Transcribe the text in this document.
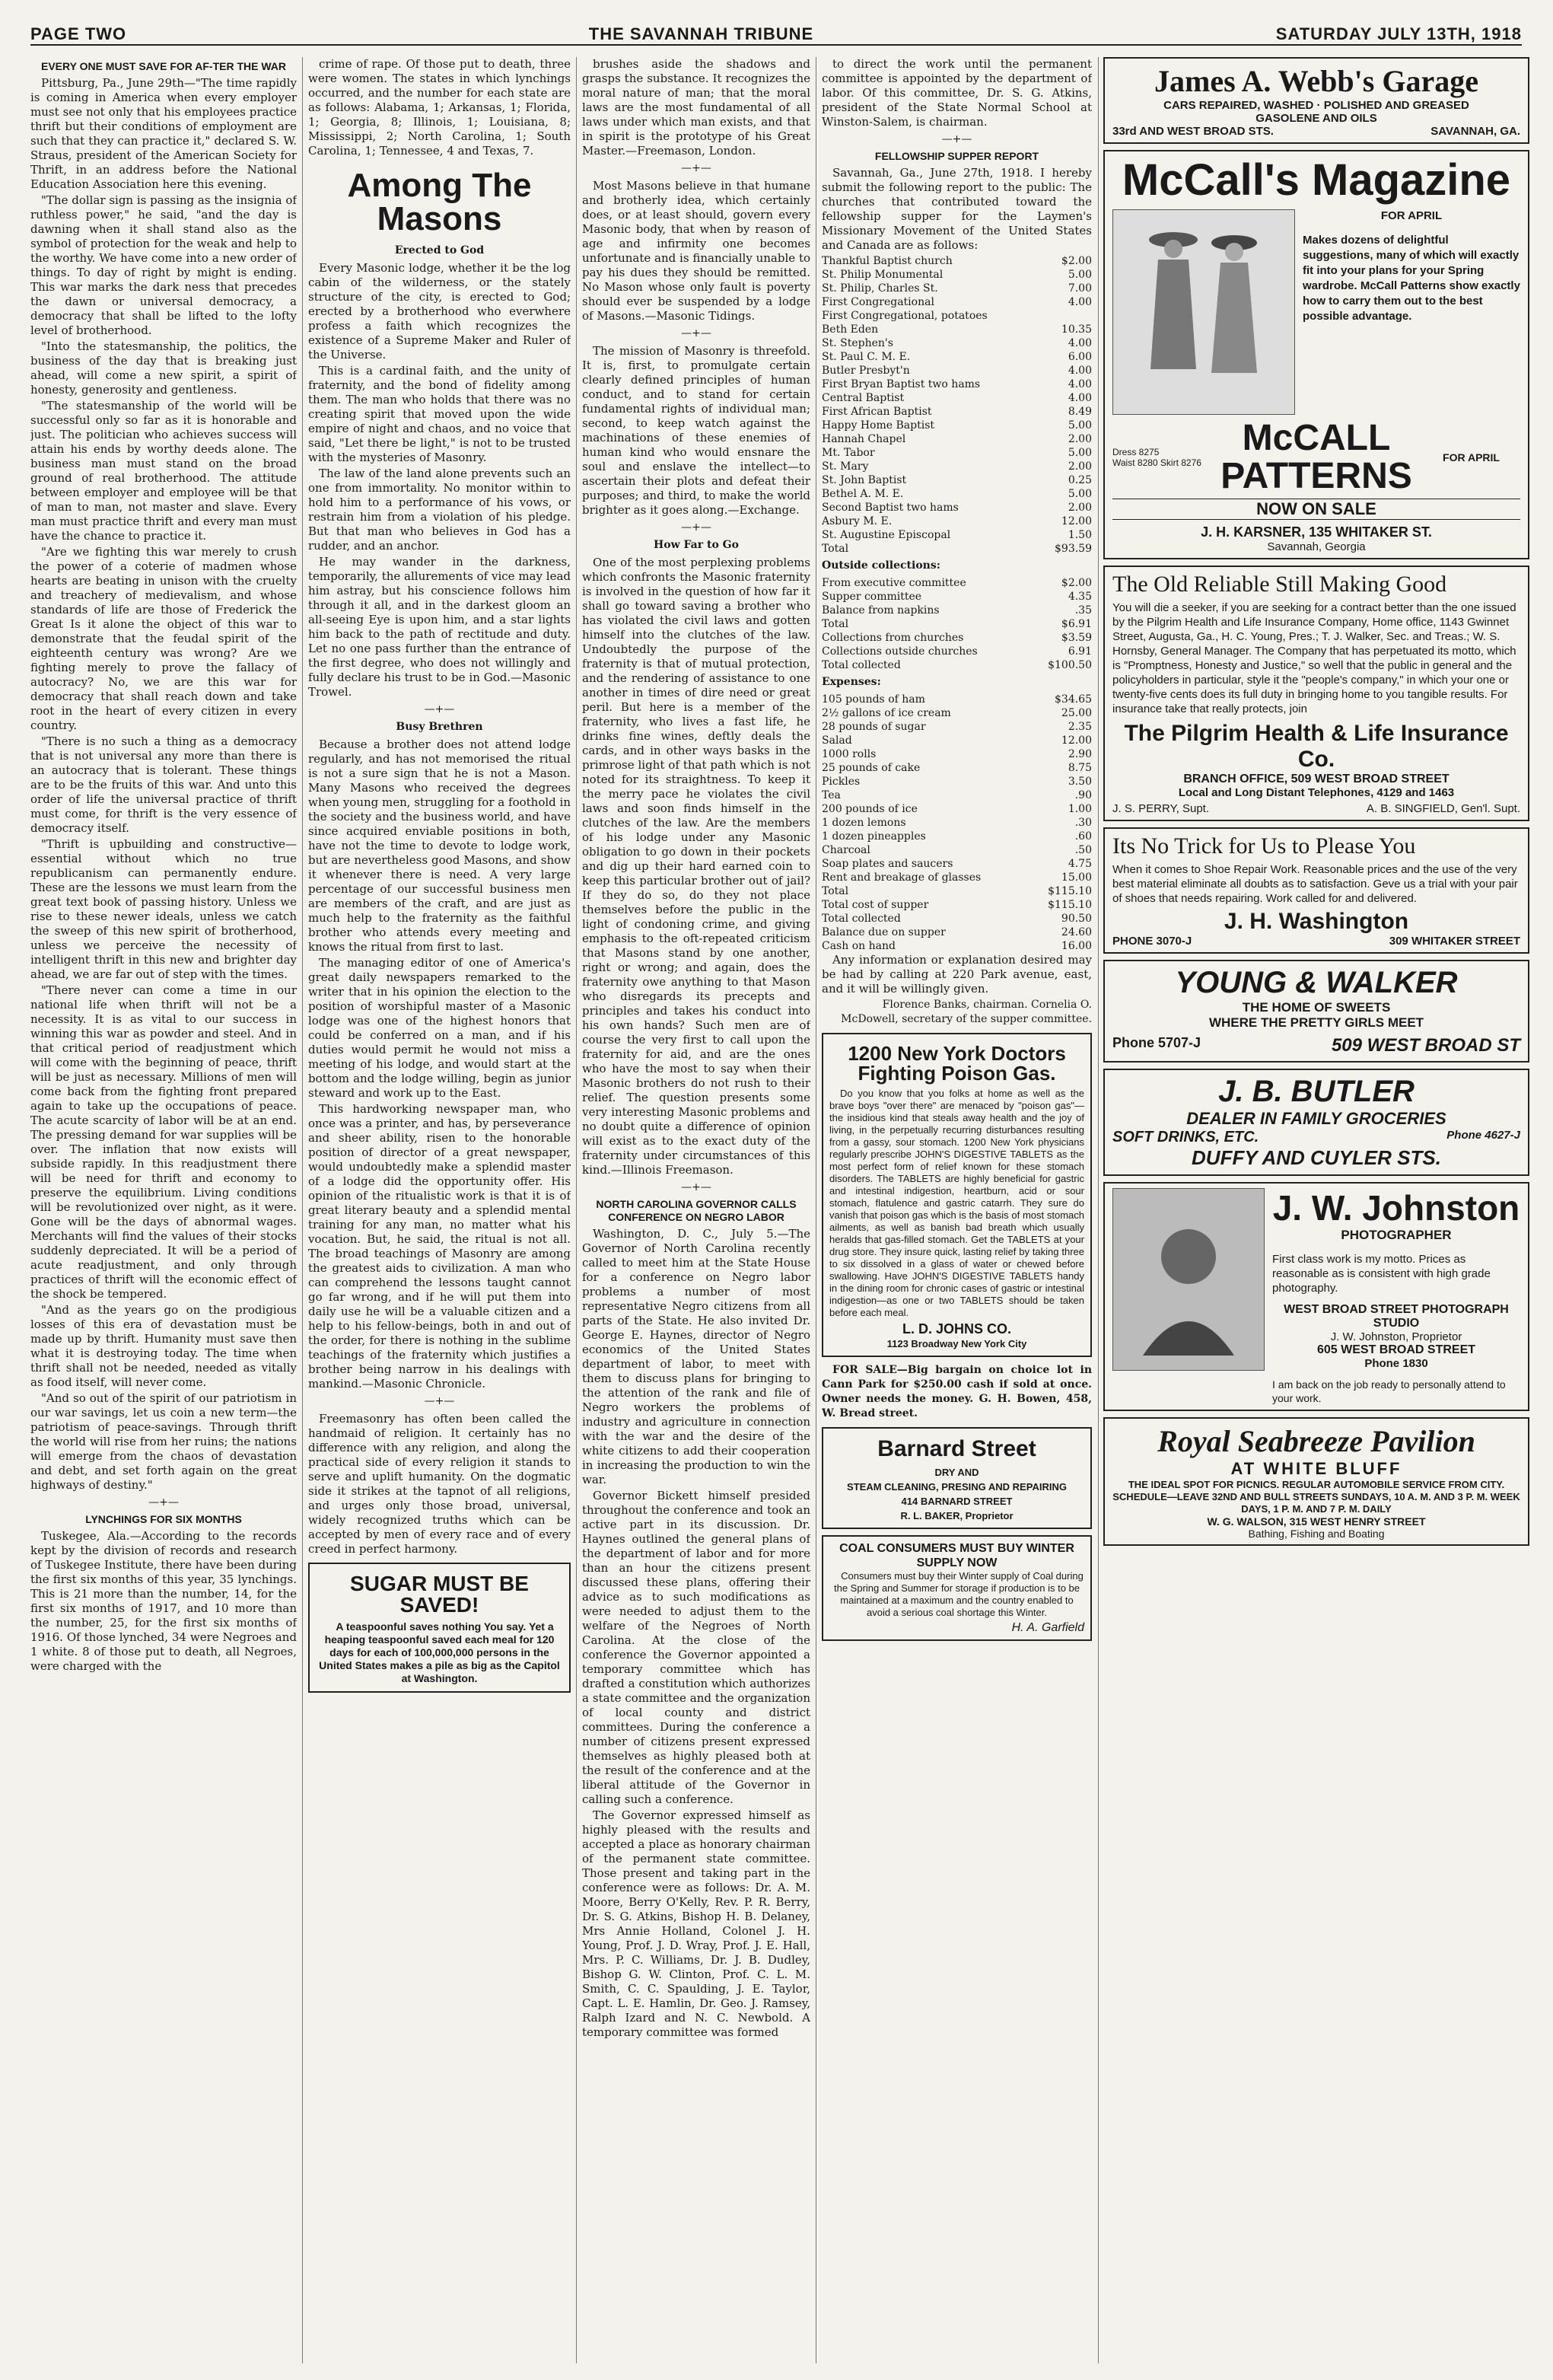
PAGE TWO	THE SAVANNAH TRIBUNE	SATURDAY JULY 13TH, 1918
EVERY ONE MUST SAVE FOR AF-TER THE WAR

Pittsburg, Pa., June 29th—"The time rapidly is coming in America when every employer must see not only that his employees practice thrift but their conditions of employment are such that they can practice it," declared S. W. Straus, president of the American Society for Thrift, in an address before the National Education Association here this evening.

"The dollar sign is passing as the insignia of ruthless power," he said, "and the day is dawning when it shall stand also as the symbol of protection for the weak and help to the worthy. We have come into a new order of things. To day of right by might is ending. This war marks the dark ness that precedes the dawn or universal democracy, a democracy that shall be lifted to the lofty level of brotherhood.

"Into the statesmanship, the politics, the business of the day that is breaking just ahead, will come a new spirit, a spirit of honesty, generosity and gentleness.

"The statesmanship of the world will be successful only so far as it is honorable and just. The politician who achieves success will attain his ends by worthy deeds alone. The business man must stand on the broad ground of real brotherhood. The attitude between employer and employee will be that of man to man, not master and slave. Every man must practice thrift and every man must have the chance to practice it.

"Are we fighting this war merely to crush the power of a coterie of madmen whose hearts are beating in unison with the cruelty and treachery of medievalism, and whose standards of life are those of Frederick the Great Is it alone the object of this war to demonstrate that the feudal spirit of the eighteenth century was wrong? Are we fighting merely to prove the fallacy of autocracy? No, we are this war for democracy that shall reach down and take root in the heart of every citizen in every country.

"There is no such a thing as a democracy that is not universal any more than there is an autocracy that is tolerant. These things are to be the fruits of this war. And unto this order of life the universal practice of thrift must come, for thrift is the very essence of democracy itself.

"Thrift is upbuilding and constructive—essential without which no true republicanism can permanently endure. These are the lessons we must learn from the great text book of passing history. Unless we rise to these newer ideals, unless we catch the sweep of this new spirit of brotherhood, unless we perceive the necessity of intelligent thrift in this new and brighter day ahead, we are far out of step with the times.

"There never can come a time in our national life when thrift will not be a necessity. It is as vital to our success in winning this war as powder and steel. And in that critical period of readjustment which will come with the beginning of peace, thrift will be just as necessary. Millions of men will come back from the fighting front prepared again to take up the occupations of peace. The acute scarcity of labor will be at an end. The pressing demand for war supplies will be over. The inflation that now exists will subside rapidly. In this readjustment there will be need for thrift and economy to preserve the equilibrium. Living conditions will be revolutionized over night, as it were. Gone will be the days of abnormal wages. Merchants will find the values of their stocks suddenly depreciated. It will be a period of acute readjustment, and only through practices of thrift will the economic effect of the shock be tempered.

"And as the years go on the prodigious losses of this era of devastation must be made up by thrift. Humanity must save then what it is destroying today. The time when thrift shall not be needed, needed as vitally as food itself, will never come.

"And so out of the spirit of our patriotism in our war savings, let us coin a new term—the patriotism of peace-savings. Through thrift the world will rise from her ruins; the nations will emerge from the chaos of devastation and debt, and set forth again on the great highways of destiny."

—+—
LYNCHINGS FOR SIX MONTHS

Tuskegee, Ala.—According to the records kept by the division of records and research of Tuskegee Institute, there have been during the first six months of this year, 35 lynchings. This is 21 more than the number, 14, for the first six months of 1917, and 10 more than the number, 25, for the first six months of 1916. Of those lynched, 34 were Negroes and 1 white. 8 of those put to death, all Negroes, were charged with the

crime of rape. Of those put to death, three were women. The states in which lynchings occurred, and the number for each state are as follows: Alabama, 1; Arkansas, 1; Florida, 1; Georgia, 8; Illinois, 1; Louisiana, 8; Mississippi, 2; North Carolina, 1; South Carolina, 1; Tennessee, 4 and Texas, 7.

Among The Masons
Erected to God

Every Masonic lodge, whether it be the log cabin of the wilderness, or the stately structure of the city, is erected to God; erected by a brotherhood who everwhere profess a faith which recognizes the existence of a Supreme Maker and Ruler of the Universe.

This is a cardinal faith, and the unity of fraternity, and the bond of fidelity among them. The man who holds that there was no creating spirit that moved upon the wide empire of night and chaos, and no voice that said, "Let there be light," is not to be trusted with the mysteries of Masonry.

The law of the land alone prevents such an one from immortality. No monitor within to hold him to a performance of his vows, or restrain him from a violation of his pledge. But that man who believes in God has a rudder, and an anchor.

He may wander in the darkness, temporarily, the allurements of vice may lead him astray, but his conscience follows him through it all, and in the darkest gloom an all-seeing Eye is upon him, and a star lights him back to the path of rectitude and duty. Let no one pass further than the entrance of the first degree, who does not willingly and fully declare his trust to be in God.—Masonic Trowel.

—+—
Busy Brethren

Because a brother does not attend lodge regularly, and has not memorised the ritual is not a sure sign that he is not a Mason. Many Masons who received the degrees when young men, struggling for a foothold in the society and the business world, and have since acquired enviable positions in both, have not the time to devote to lodge work, but are nevertheless good Masons, and show it whenever there is need. A very large percentage of our successful business men are members of the craft, and are just as much help to the fraternity as the faithful brother who attends every meeting and knows the ritual from first to last.

The managing editor of one of America's great daily newspapers remarked to the writer that in his opinion the election to the position of worshipful master of a Masonic lodge was one of the highest honors that could be conferred on a man, and if his duties would permit he would not miss a meeting of his lodge, and would start at the bottom and the lodge willing, begin as junior steward and work up to the East.

This hardworking newspaper man, who once was a printer, and has, by perseverance and sheer ability, risen to the honorable position of director of a great newspaper, would undoubtedly make a splendid master of a lodge did the opportunity offer. His opinion of the ritualistic work is that it is of great literary beauty and a splendid mental training for any man, no matter what his vocation. But, he said, the ritual is not all. The broad teachings of Masonry are among the greatest aids to civilization. A man who can comprehend the lessons taught cannot go far wrong, and if he will put them into daily use he will be a valuable citizen and a help to his fellow-beings, both in and out of the order, for there is nothing in the sublime teachings of the fraternity which justifies a brother being narrow in his dealings with mankind.—Masonic Chronicle.

—+—

Freemasonry has often been called the handmaid of religion. It certainly has no difference with any religion, and along the practical side of every religion it stands to serve and uplift humanity. On the dogmatic side it strikes at the tapnot of all religions, and urges only those broad, universal, widely recognized truths which can be accepted by men of every race and of every creed in perfect harmony.

SUGAR MUST BE SAVED!

A teaspoonful saves nothing You say. Yet a heaping teaspoonful saved each meal for 120 days for each of 100,000,000 persons in the United States makes a pile as big as the Capitol at Washington.

brushes aside the shadows and grasps the substance. It recognizes the moral nature of man; that the moral laws are the most fundamental of all laws under which man exists, and that in spirit is the prototype of his Great Master.—Freemason, London.

—+—

Most Masons believe in that humane and brotherly idea, which certainly does, or at least should, govern every Masonic body, that when by reason of age and infirmity one becomes unfortunate and is financially unable to pay his dues they should be remitted. No Mason whose only fault is poverty should ever be suspended by a lodge of Masons.—Masonic Tidings.

—+—

The mission of Masonry is threefold. It is, first, to promulgate certain clearly defined principles of human conduct, and to stand for certain fundamental rights of individual man; second, to keep watch against the machinations of these enemies of human kind who would ensnare the soul and enslave the intellect—to ascertain their plots and defeat their purposes; and third, to make the world brighter as it goes along.—Exchange.

—+—
How Far to Go

One of the most perplexing problems which confronts the Masonic fraternity is involved in the question of how far it shall go toward saving a brother who has violated the civil laws and gotten himself into the clutches of the law. Undoubtedly the purpose of the fraternity is that of mutual protection, and the rendering of assistance to one another in times of dire need or great peril. But here is a member of the fraternity, who lives a fast life, he drinks fine wines, deftly deals the cards, and in other ways basks in the primrose light of that path which is not noted for its straightness. To keep it the merry pace he violates the civil laws and soon finds himself in the clutches of the law. Are the members of his lodge under any Masonic obligation to go down in their pockets and dig up their hard earned coin to keep this particular brother out of jail? If they do so, do they not place themselves before the public in the light of condoning crime, and giving emphasis to the oft-repeated criticism that Masons stand by one another, right or wrong; and again, does the fraternity owe anything to that Mason who disregards its precepts and principles and takes his conduct into his own hands? Such men are of course the very first to call upon the fraternity for aid, and are the ones who have the most to say when their Masonic brothers do not rush to their relief. The question presents some very interesting Masonic problems and no doubt quite a difference of opinion will exist as to the exact duty of the fraternity under circumstances of this kind.—Illinois Freemason.

—+—
NORTH CAROLINA GOVERNOR CALLS CONFERENCE ON NEGRO LABOR

Washington, D. C., July 5.—The Governor of North Carolina recently called to meet him at the State House for a conference on Negro labor problems a number of most representative Negro citizens from all parts of the State. He also invited Dr. George E. Haynes, director of Negro economics of the United States department of labor, to meet with them to discuss plans for bringing to the attention of the rank and file of Negro workers the problems of industry and agriculture in connection with the war and the desire of the white citizens to add their cooperation in increasing the production to win the war.

Governor Bickett himself presided throughout the conference and took an active part in its discussion. Dr. Haynes outlined the general plans of the department of labor and for more than an hour the citizens present discussed these plans, offering their advice as to such modifications as were needed to adjust them to the welfare of the Negroes of North Carolina. At the close of the conference the Governor appointed a temporary committee which has drafted a constitution which authorizes a state committee and the organization of local county and district committees. During the conference a number of citizens present expressed themselves as highly pleased both at the result of the conference and at the liberal attitude of the Governor in calling such a conference.

The Governor expressed himself as highly pleased with the results and accepted a place as honorary chairman of the permanent state committee. Those present and taking part in the conference were as follows: Dr. A. M. Moore, Berry O'Kelly, Rev. P. R. Berry, Dr. S. G. Atkins, Bishop H. B. Delaney, Mrs Annie Holland, Colonel J. H. Young, Prof. J. D. Wray, Prof. J. E. Hall, Mrs. P. C. Williams, Dr. J. B. Dudley, Bishop G. W. Clinton, Prof. C. L. M. Smith, C. C. Spaulding, J. E. Taylor, Capt. L. E. Hamlin, Dr. Geo. J. Ramsey, Ralph Izard and N. C. Newbold. A temporary committee was formed

to direct the work until the permanent committee is appointed by the department of labor. Of this committee, Dr. S. G. Atkins, president of the State Normal School at Winston-Salem, is chairman.

—+—
FELLOWSHIP SUPPER REPORT

Savannah, Ga., June 27th, 1918. I hereby submit the following report to the public: The churches that contributed toward the fellowship supper for the Laymen's Missionary Movement of the United States and Canada are as follows:

Thankful Baptist church	$2.00
St. Philip Monumental	5.00
St. Philip, Charles St.	7.00
First Congregational	4.00
First Congregational, potatoes
Beth Eden	10.35
St. Stephen's	4.00
St. Paul C. M. E.	6.00
Butler Presbyt'n	4.00
First Bryan Baptist two hams	4.00
Central Baptist	4.00
First African Baptist	8.49
Happy Home Baptist	5.00
Hannah Chapel	2.00
Mt. Tabor	5.00
St. Mary	2.00
St. John Baptist	0.25
Bethel A. M. E.	5.00
Second Baptist two hams	2.00
Asbury M. E.	12.00
St. Augustine Episcopal	1.50
Total	$93.59
Outside collections:
From executive committee	$2.00
Supper committee	4.35
Balance from napkins	.35
Total	$6.91
Collections from churches	$3.59
Collections outside churches	6.91
Total collected	$100.50
Expenses:
105 pounds of ham	$34.65
2½ gallons of ice cream	25.00
28 pounds of sugar	2.35
Salad	12.00
1000 rolls	2.90
25 pounds of cake	8.75
Pickles	3.50
Tea	.90
200 pounds of ice	1.00
1 dozen lemons	.30
1 dozen pineapples	.60
Charcoal	.50
Soap plates and saucers	4.75
Rent and breakage of glasses	15.00
Total	$115.10
Total cost of supper	$115.10
Total collected	90.50
Balance due on supper	24.60
Cash on hand	16.00

Any information or explanation desired may be had by calling at 220 Park avenue, east, and it will be willingly given.

Florence Banks, chairman. Cornelia O. McDowell, secretary of the supper committee.

1200 New York Doctors Fighting Poison Gas.

Do you know that you folks at home as well as the brave boys "over there" are menaced by "poison gas"—the insidious kind that steals away health and the joy of living, in the perpetually recurring disturbances resulting from a gassy, sour stomach. 1200 New York physicians regularly prescribe JOHN'S DIGESTIVE TABLETS as the most perfect form of relief known for these stomach disorders. The TABLETS are highly beneficial for gastric and intestinal indigestion, heartburn, acid or sour stomach, flatulence and gastric catarrh. They sure do vanish that poison gas which is the basis of most stomach ailments, as well as banish bad breath which usually heralds that gas-filled stomach. Get the TABLETS at your drug store. They insure quick, lasting relief by taking three to six dissolved in a glass of water or chewed before swallowing. Have JOHN'S DIGESTIVE TABLETS handy in the dining room for chronic cases of gastric or intestinal indigestion—as one or two TABLETS should be taken before each meal.

L. D. JOHNS CO.
1123 Broadway New York City

FOR SALE—Big bargain on choice lot in Cann Park for $250.00 cash if sold at once. Owner needs the money. G. H. Bowen, 458, W. Bread street.

Barnard Street
DRY AND
STEAM CLEANING, PRESING AND REPAIRING
414 BARNARD STREET
R. L. BAKER, Proprietor
COAL CONSUMERS MUST BUY WINTER SUPPLY NOW

Consumers must buy their Winter supply of Coal during the Spring and Summer for storage if production is to be maintained at a maximum and the country enabled to avoid a serious coal shortage this Winter.

H. A. Garfield
James A. Webb's Garage
CARS REPAIRED, WASHED · POLISHED AND GREASED
GASOLENE AND OILS
33rd AND WEST BROAD STS.	SAVANNAH, GA.
McCall's Magazine
FOR APRIL

Makes dozens of delightful suggestions, many of which will exactly fit into your plans for your Spring wardrobe. McCall Patterns show exactly how to carry them out to the best possible advantage.

Dress 8275
Waist 8280 Skirt 8276
McCALL
PATTERNS	FOR APRIL
NOW ON SALE
J. H. KARSNER, 135 WHITAKER ST.
Savannah, Georgia
The Old Reliable Still Making Good

You will die a seeker, if you are seeking for a contract better than the one issued by the Pilgrim Health and Life Insurance Company, Home office, 1143 Gwinnet Street, Augusta, Ga., H. C. Young, Pres.; T. J. Walker, Sec. and Treas.; W. S. Hornsby, General Manager. The Company that has perpetuated its motto, which is "Promptness, Honesty and Justice," so well that the public in general and the policyholders in particular, style it the "people's company," in which your one or twenty-five cents does its full duty in bringing home to you tangible results. For insurance take that really protects, join

The Pilgrim Health & Life Insurance Co.
BRANCH OFFICE, 509 WEST BROAD STREET
Local and Long Distant Telephones, 4129 and 1463
J. S. PERRY, Supt.	A. B. SINGFIELD, Gen'l. Supt.
Its No Trick for Us to Please You

When it comes to Shoe Repair Work. Reasonable prices and the use of the very best material eliminate all doubts as to satisfaction. Geve us a trial with your pair of shoes that needs repairing. Work called for and delivered.

J. H. Washington
PHONE 3070-J	309 WHITAKER STREET
YOUNG & WALKER
THE HOME OF SWEETS
WHERE THE PRETTY GIRLS MEET
Phone 5707-J	509 WEST BROAD ST
J. B. BUTLER
DEALER IN FAMILY GROCERIES
SOFT DRINKS, ETC.	Phone 4627-J
DUFFY AND CUYLER STS.
J. W. Johnston
PHOTOGRAPHER

First class work is my motto. Prices as reasonable as is consistent with high grade photography.

WEST BROAD STREET PHOTOGRAPH STUDIO
J. W. Johnston, Proprietor
605 WEST BROAD STREET
Phone 1830

I am back on the job ready to personally attend to your work.

Royal Seabreeze Pavilion
AT WHITE BLUFF

THE IDEAL SPOT FOR PICNICS. REGULAR AUTOMOBILE SERVICE FROM CITY. SCHEDULE—LEAVE 32ND AND BULL STREETS SUNDAYS, 10 A. M. AND 3 P. M. WEEK DAYS, 1 P. M. AND 7 P. M. DAILY

W. G. WALSON, 315 WEST HENRY STREET
Bathing, Fishing and Boating
